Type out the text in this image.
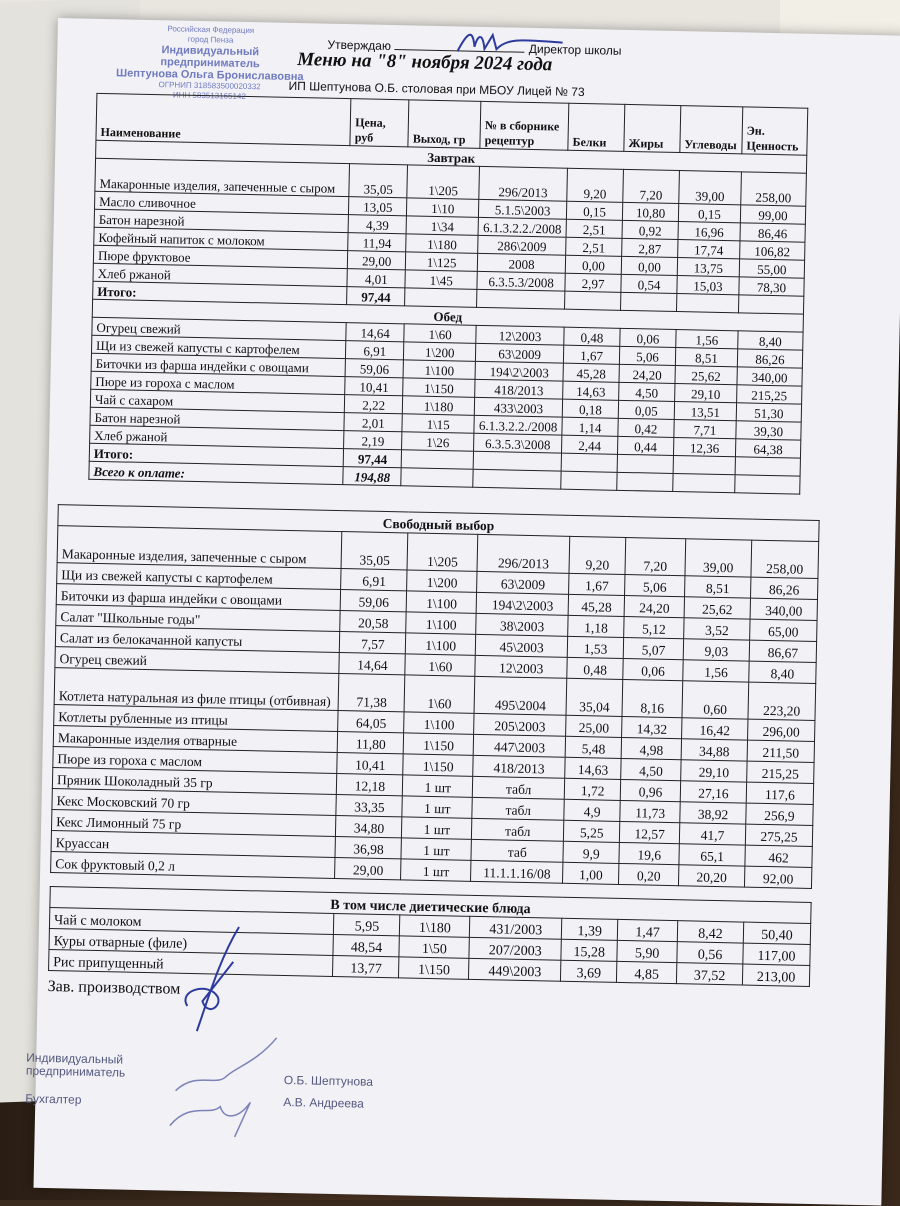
Российская Федерация
город Пенза
Индивидуальный предприниматель
Шептунова Ольга Брониславовна
ОГРНИП 318583500020332
ИНН 583513165142
Утверждаю	Директор школы
Меню на "8" ноября 2024 года
ИП Шептунова О.Б. столовая при МБОУ Лицей № 73
Наименование	Цена, руб	Выход, гр	№ в сборнике рецептур	Белки	Жиры	Углеводы	Эн. Ценность
Завтрак							
Макаронные изделия, запеченные с сыром	35,05	1\205	296/2013	9,20	7,20	39,00	258,00
Масло сливочное	13,05	1\10	5.1.5\2003	0,15	10,80	0,15	99,00
Батон нарезной	4,39	1\34	6.1.3.2.2./2008	2,51	0,92	16,96	86,46
Кофейный напиток с молоком	11,94	1\180	286\2009	2,51	2,87	17,74	106,82
Пюре фруктовое	29,00	1\125	2008	0,00	0,00	13,75	55,00
Хлеб ржаной	4,01	1\45	6.3.5.3/2008	2,97	0,54	15,03	78,30
Итого:	97,44						
Обед							
Огурец свежий	14,64	1\60	12\2003	0,48	0,06	1,56	8,40
Щи из свежей капусты с картофелем	6,91	1\200	63\2009	1,67	5,06	8,51	86,26
Биточки из фарша индейки с овощами	59,06	1\100	194\2\2003	45,28	24,20	25,62	340,00
Пюре из гороха с маслом	10,41	1\150	418/2013	14,63	4,50	29,10	215,25
Чай с сахаром	2,22	1\180	433\2003	0,18	0,05	13,51	51,30
Батон нарезной	2,01	1\15	6.1.3.2.2./2008	1,14	0,42	7,71	39,30
Хлеб ржаной	2,19	1\26	6.3.5.3\2008	2,44	0,44	12,36	64,38
Итого:	97,44						
Всего к оплате:	194,88						
Свободный выбор							
Макаронные изделия, запеченные с сыром	35,05	1\205	296/2013	9,20	7,20	39,00	258,00
Щи из свежей капусты с картофелем	6,91	1\200	63\2009	1,67	5,06	8,51	86,26
Биточки из фарша индейки с овощами	59,06	1\100	194\2\2003	45,28	24,20	25,62	340,00
Салат "Школьные годы"	20,58	1\100	38\2003	1,18	5,12	3,52	65,00
Салат из белокачанной капусты	7,57	1\100	45\2003	1,53	5,07	9,03	86,67
Огурец свежий	14,64	1\60	12\2003	0,48	0,06	1,56	8,40
Котлета натуральная из филе птицы (отбивная)	71,38	1\60	495\2004	35,04	8,16	0,60	223,20
Котлеты рубленные из птицы	64,05	1\100	205\2003	25,00	14,32	16,42	296,00
Макаронные изделия отварные	11,80	1\150	447\2003	5,48	4,98	34,88	211,50
Пюре из гороха с маслом	10,41	1\150	418/2013	14,63	4,50	29,10	215,25
Пряник Шоколадный 35 гр	12,18	1 шт	табл	1,72	0,96	27,16	117,6
Кекс Московский 70 гр	33,35	1 шт	табл	4,9	11,73	38,92	256,9
Кекс Лимонный 75 гр	34,80	1 шт	табл	5,25	12,57	41,7	275,25
Круассан	36,98	1 шт	таб	9,9	19,6	65,1	462
Сок фруктовый 0,2 л	29,00	1 шт	11.1.1.16/08	1,00	0,20	20,20	92,00
В том числе диетические блюда							
Чай с молоком	5,95	1\180	431/2003	1,39	1,47	8,42	50,40
Куры отварные (филе)	48,54	1\50	207/2003	15,28	5,90	0,56	117,00
Рис припущенный	13,77	1\150	449\2003	3,69	4,85	37,52	213,00
Зав. производством
Индивидуальный предприниматель
Бухгалтер
О.Б. Шептунова
А.В. Андреева
